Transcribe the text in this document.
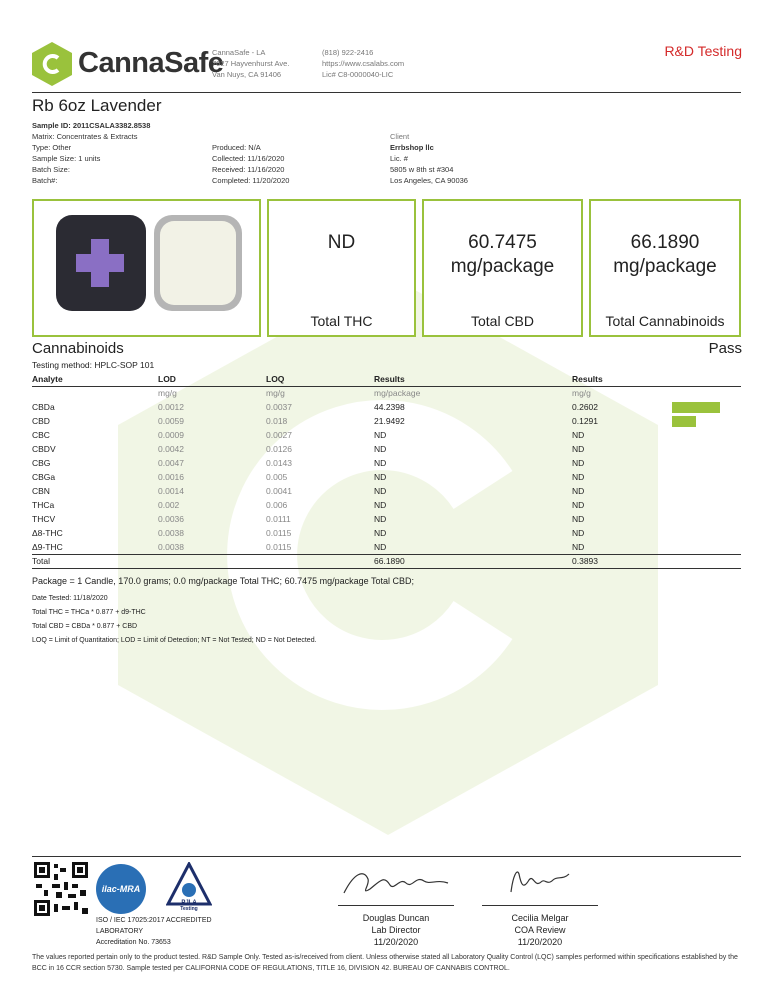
CannaSafe
CannaSafe - LA
7027 Hayvenhurst Ave.
Van Nuys, CA 91406
(818) 922-2416
https://www.csalabs.com
Lic# C8-0000040-LIC
R&D Testing
Rb 6oz Lavender
Sample ID: 2011CSALA3382.8538
Matrix: Concentrates & Extracts
Type: Other
Sample Size: 1 units
Batch Size:
Batch#:
Produced: N/A
Collected: 11/16/2020
Received: 11/16/2020
Completed: 11/20/2020
Client
Errbshop llc
Lic. #
5805 w 8th st #304
Los Angeles, CA 90036
ND
Total THC
60.7475
mg/package
Total CBD
66.1890
mg/package
Total Cannabinoids
Cannabinoids	Pass
Testing method: HPLC-SOP 101
Analyte	LOD	LOQ	Results	Results	
	mg/g	mg/g	mg/package	mg/g	
CBDa	0.0012	0.0037	44.2398	0.2602	

CBD	0.0059	0.018	21.9492	0.1291	

CBC	0.0009	0.0027	ND	ND	
CBDV	0.0042	0.0126	ND	ND	
CBG	0.0047	0.0143	ND	ND	
CBGa	0.0016	0.005	ND	ND	
CBN	0.0014	0.0041	ND	ND	
THCa	0.002	0.006	ND	ND	
THCV	0.0036	0.0111	ND	ND	
Δ8-THC	0.0038	0.0115	ND	ND	
Δ9-THC	0.0038	0.0115	ND	ND	
Total			66.1890	0.3893	
Package = 1 Candle, 170.0 grams; 0.0 mg/package Total THC; 60.7475 mg/package Total CBD;
Date Tested: 11/18/2020
Total THC = THCa * 0.877 + d9-THC
Total CBD = CBDa * 0.877 + CBD
LOQ = Limit of Quantitation; LOD = Limit of Detection; NT = Not Tested; ND = Not Detected.
ilac-MRA
PJLA
Testing
ISO / IEC 17025:2017 ACCREDITED
LABORATORY
Accreditation No. 73653
Douglas Duncan
Lab Director
11/20/2020
Cecilia Melgar
COA Review
11/20/2020
The values reported pertain only to the product tested. R&D Sample Only. Tested as-is/received from client. Unless otherwise stated all Laboratory Quality Control (LQC) samples performed within specifications established by the BCC in 16 CCR section 5730. Sample tested per CALIFORNIA CODE OF REGULATIONS, TITLE 16, DIVISION 42. BUREAU OF CANNABIS CONTROL.
